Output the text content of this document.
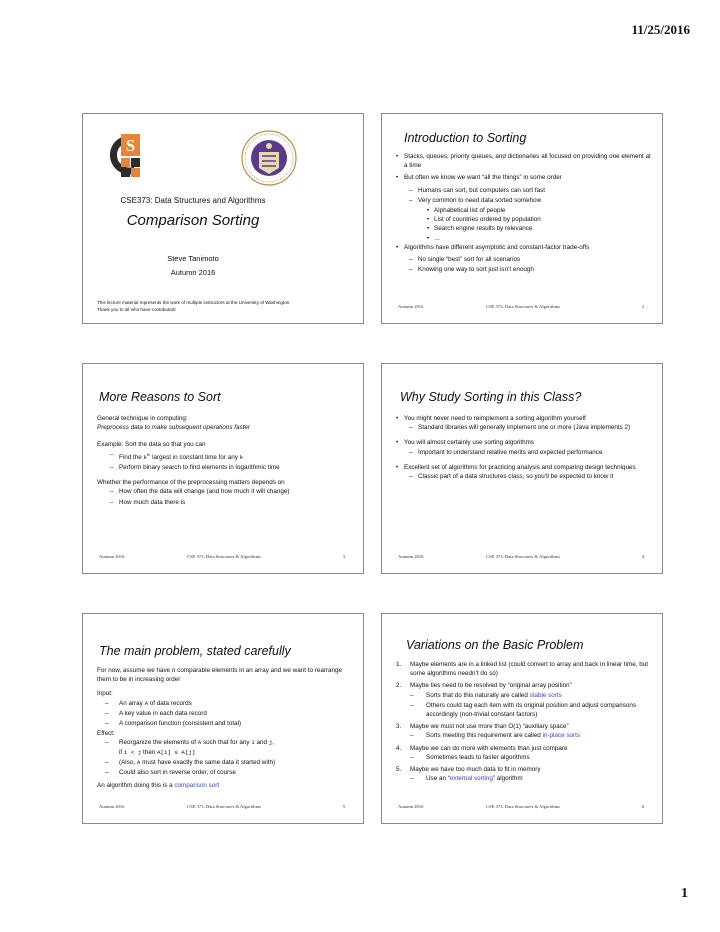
11/25/2016
S
CSE373: Data Structures and Algorithms
Comparison Sorting
Steve Tanimoto
Autumn 2016
This lecture material represents the work of multiple instructors at the University of Washington.
Thank you to all who have contributed!
Introduction to Sorting
• Stacks, queues, priority queues, and dictionaries all focused on providing one element at a time
• But often we know we want “all the things” in some order
– Humans can sort, but computers can sort fast
– Very common to need data sorted somehow
• Alphabetical list of people
• List of countries ordered by population
• Search engine results by relevance
• …
• Algorithms have different asymptotic and constant-factor trade-offs
– No single “best” sort for all scenarios
– Knowing one way to sort just isn’t enough
Autumn 2016	CSE 373: Data Structures & Algorithms	2
More Reasons to Sort
General technique in computing:
Preprocess data to make subsequent operations faster
Example: Sort the data so that you can
– Find the $k^{th}$ largest in constant time for any k
– Perform binary search to find elements in logarithmic time
Whether the performance of the preprocessing matters depends on
– How often the data will change (and how much it will change)
– How much data there is
Autumn 2016	CSE 373: Data Structures & Algorithms	3
Why Study Sorting in this Class?
• You might never need to reimplement a sorting algorithm yourself
– Standard libraries will generally implement one or more (Java implements 2)
• You will almost certainly use sorting algorithms
– Important to understand relative merits and expected performance
• Excellent set of algorithms for practicing analysis and comparing design techniques
– Classic part of a data structures class, so you’ll be expected to know it
Autumn 2016	CSE 373: Data Structures & Algorithms	4
The main problem, stated carefully
For now, assume we have n comparable elements in an array and we want to rearrange them to be in increasing order
Input:
– An array A of data records
– A key value in each data record
– A comparison function (consistent and total)
Effect:
– Reorganize the elements of A such that for any i and j,
if i < j then A[i] ≤ A[j]
– (Also, A must have exactly the same data it started with)
– Could also sort in reverse order, of course
An algorithm doing this is a comparison sort
Autumn 2016	CSE 373: Data Structures & Algorithms	5
Variations on the Basic Problem
1. Maybe elements are in a linked list (could convert to array and back in linear time, but some algorithms needn’t do so)
2. Maybe ties need to be resolved by “original array position”
– Sorts that do this naturally are called stable sorts
– Others could tag each item with its original position and adjust comparisons accordingly (non-trivial constant factors)
3. Maybe we must not use more than O(1) “auxiliary space”
– Sorts meeting this requirement are called in-place sorts
4. Maybe we can do more with elements than just compare
– Sometimes leads to faster algorithms
5. Maybe we have too much data to fit in memory
– Use an “external sorting” algorithm
Autumn 2016	CSE 373: Data Structures & Algorithms	6
1
